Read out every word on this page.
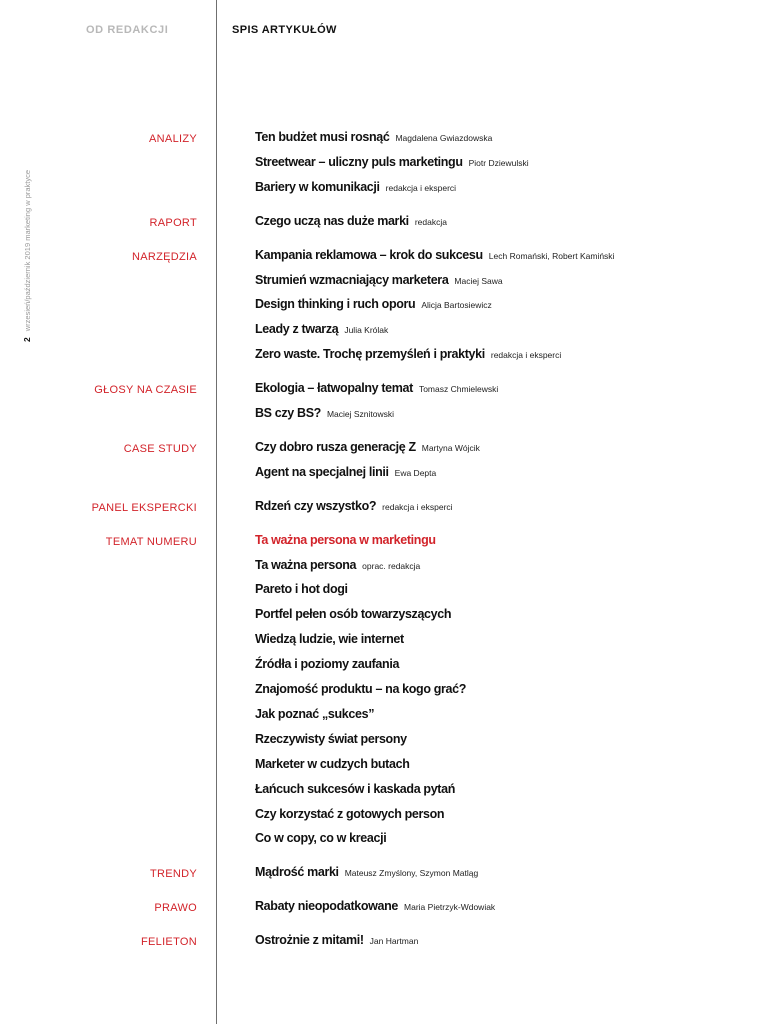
OD REDAKCJI	SPIS ARTYKUŁÓW
2wrzesień/październik 2019 marketing w praktyce
ANALIZY	Ten budżet musi rosnąć Magdalena Gwiazdowska
Streetwear – uliczny puls marketingu Piotr Dziewulski
Bariery w komunikacji redakcja i eksperci
RAPORT	Czego uczą nas duże marki redakcja
NARZĘDZIA	Kampania reklamowa – krok do sukcesu Lech Romański, Robert Kamiński
Strumień wzmacniający marketera Maciej Sawa
Design thinking i ruch oporu Alicja Bartosiewicz
Leady z twarzą Julia Królak
Zero waste. Trochę przemyśleń i praktyki redakcja i eksperci
GŁOSY NA CZASIE	Ekologia – łatwopalny temat Tomasz Chmielewski
BS czy BS? Maciej Sznitowski
CASE STUDY	Czy dobro rusza generację Z Martyna Wójcik
Agent na specjalnej linii Ewa Depta
PANEL EKSPERCKI	Rdzeń czy wszystko? redakcja i eksperci
TEMAT NUMERU	Ta ważna persona w marketingu
Ta ważna persona oprac. redakcja
Pareto i hot dogi
Portfel pełen osób towarzyszących
Wiedzą ludzie, wie internet
Źródła i poziomy zaufania
Znajomość produktu – na kogo grać?
Jak poznać „sukces”
Rzeczywisty świat persony
Marketer w cudzych butach
Łańcuch sukcesów i kaskada pytań
Czy korzystać z gotowych person
Co w copy, co w kreacji
TRENDY	Mądrość marki Mateusz Zmyślony, Szymon Matląg
PRAWO	Rabaty nieopodatkowane Maria Pietrzyk-Wdowiak
FELIETON	Ostrożnie z mitami! Jan Hartman
